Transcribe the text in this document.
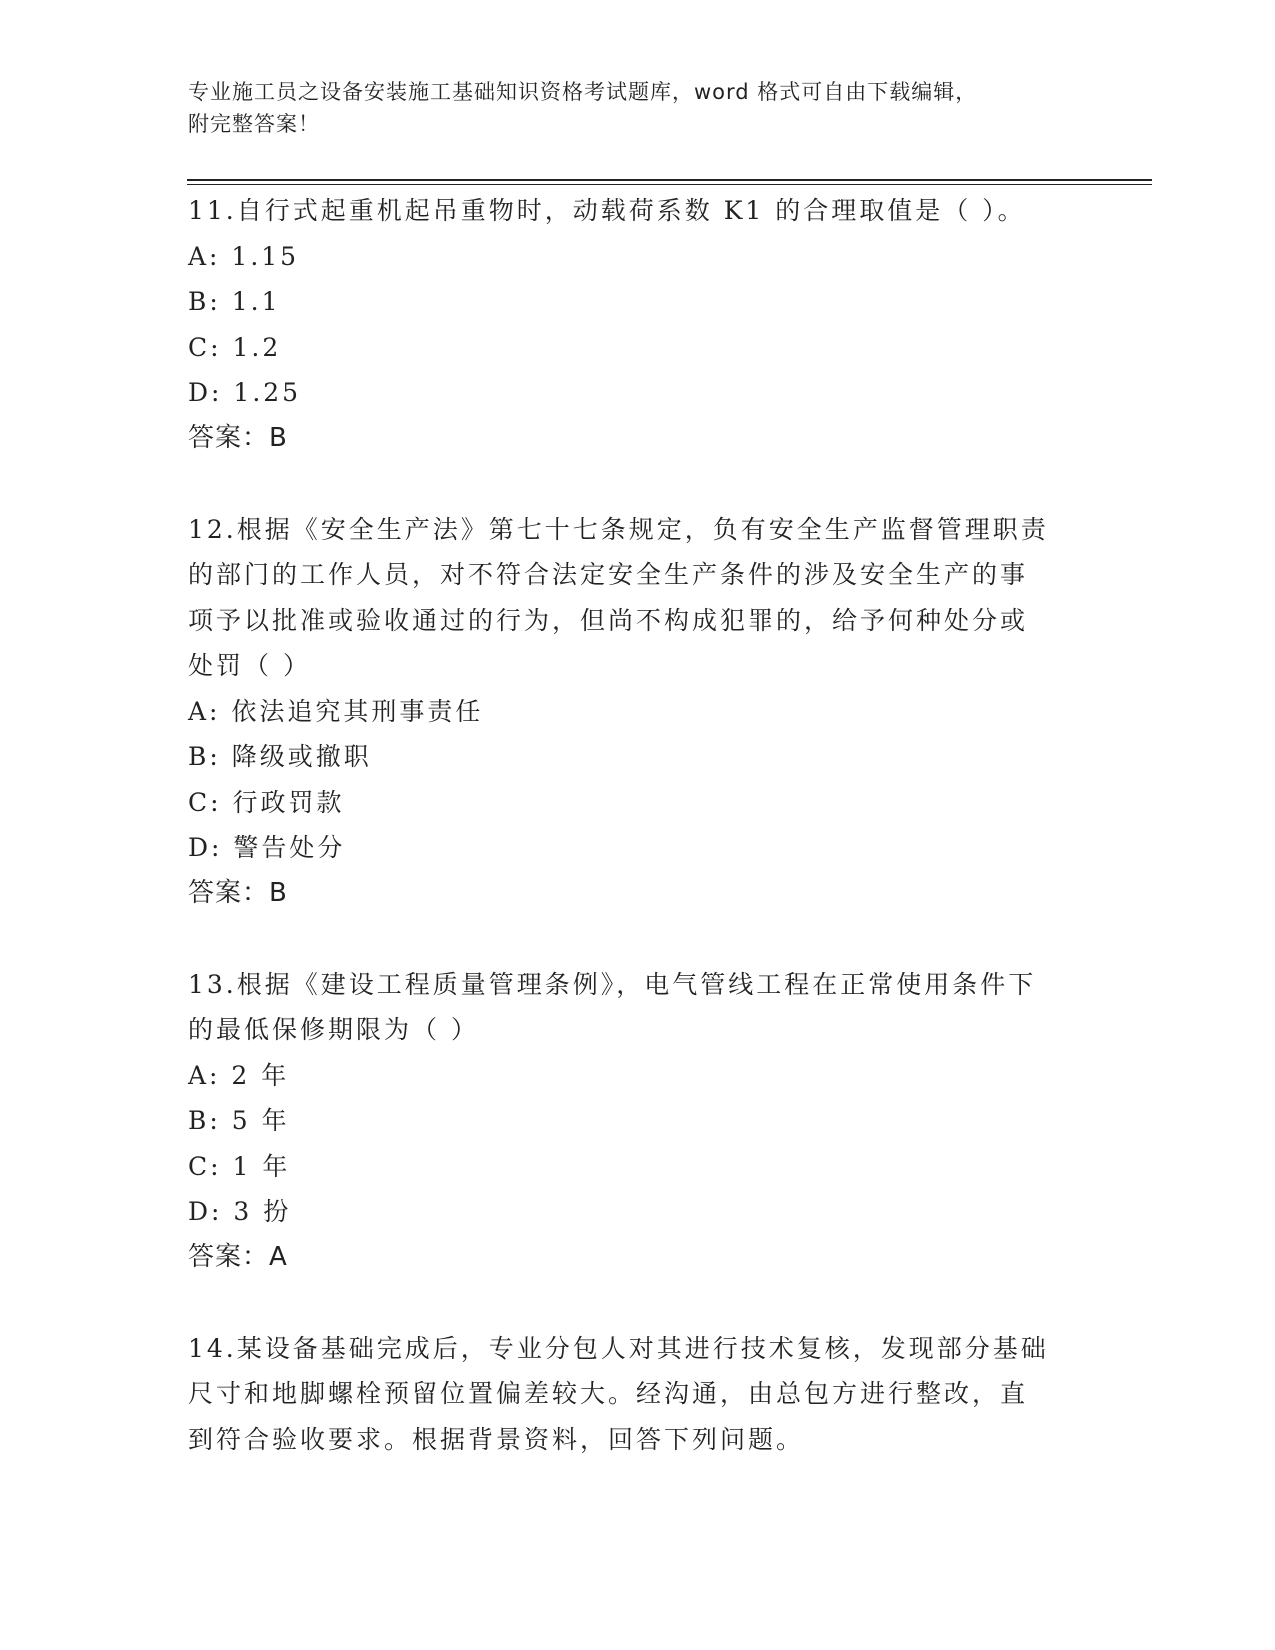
专业施工员之设备安装施工基础知识资格考试题库，word 格式可自由下载编辑，
附完整答案！
11.自行式起重机起吊重物时，动载荷系数 K1 的合理取值是（ ）。
A: 1.15
B: 1.1
C: 1.2
D: 1.25
答案：B
12.根据《安全生产法》第七十七条规定，负有安全生产监督管理职责
的部门的工作人员，对不符合法定安全生产条件的涉及安全生产的事
项予以批准或验收通过的行为，但尚不构成犯罪的，给予何种处分或
处罚（ ）
A: 依法追究其刑事责任
B: 降级或撤职
C: 行政罚款
D: 警告处分
答案：B
13.根据《建设工程质量管理条例》，电气管线工程在正常使用条件下
的最低保修期限为（ ）
A: 2 年
B: 5 年
C: 1 年
D: 3 扮
答案：A
14.某设备基础完成后，专业分包人对其进行技术复核，发现部分基础
尺寸和地脚螺栓预留位置偏差较大。经沟通，由总包方进行整改，直
到符合验收要求。根据背景资料，回答下列问题。
